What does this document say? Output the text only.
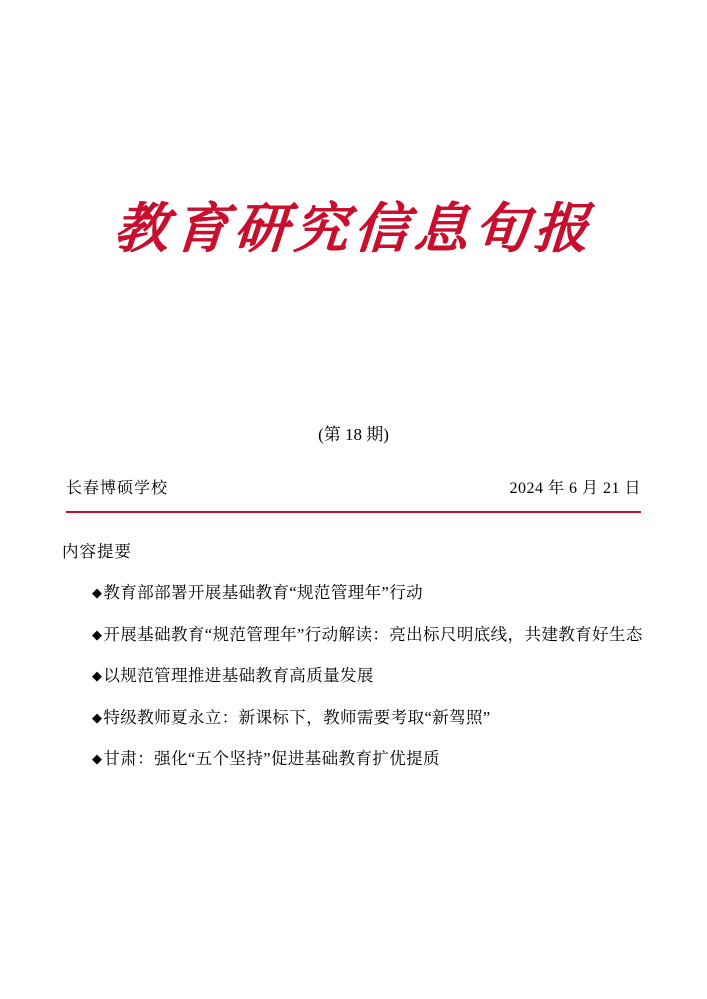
教育研究信息旬报
(第 18 期)
长春博硕学校	2024 年 6 月 21 日
内容提要
◆教育部部署开展基础教育“规范管理年”行动
◆开展基础教育“规范管理年”行动解读：亮出标尺明底线，共建教育好生态
◆以规范管理推进基础教育高质量发展
◆特级教师夏永立：新课标下，教师需要考取“新驾照”
◆甘肃：强化“五个坚持”促进基础教育扩优提质
